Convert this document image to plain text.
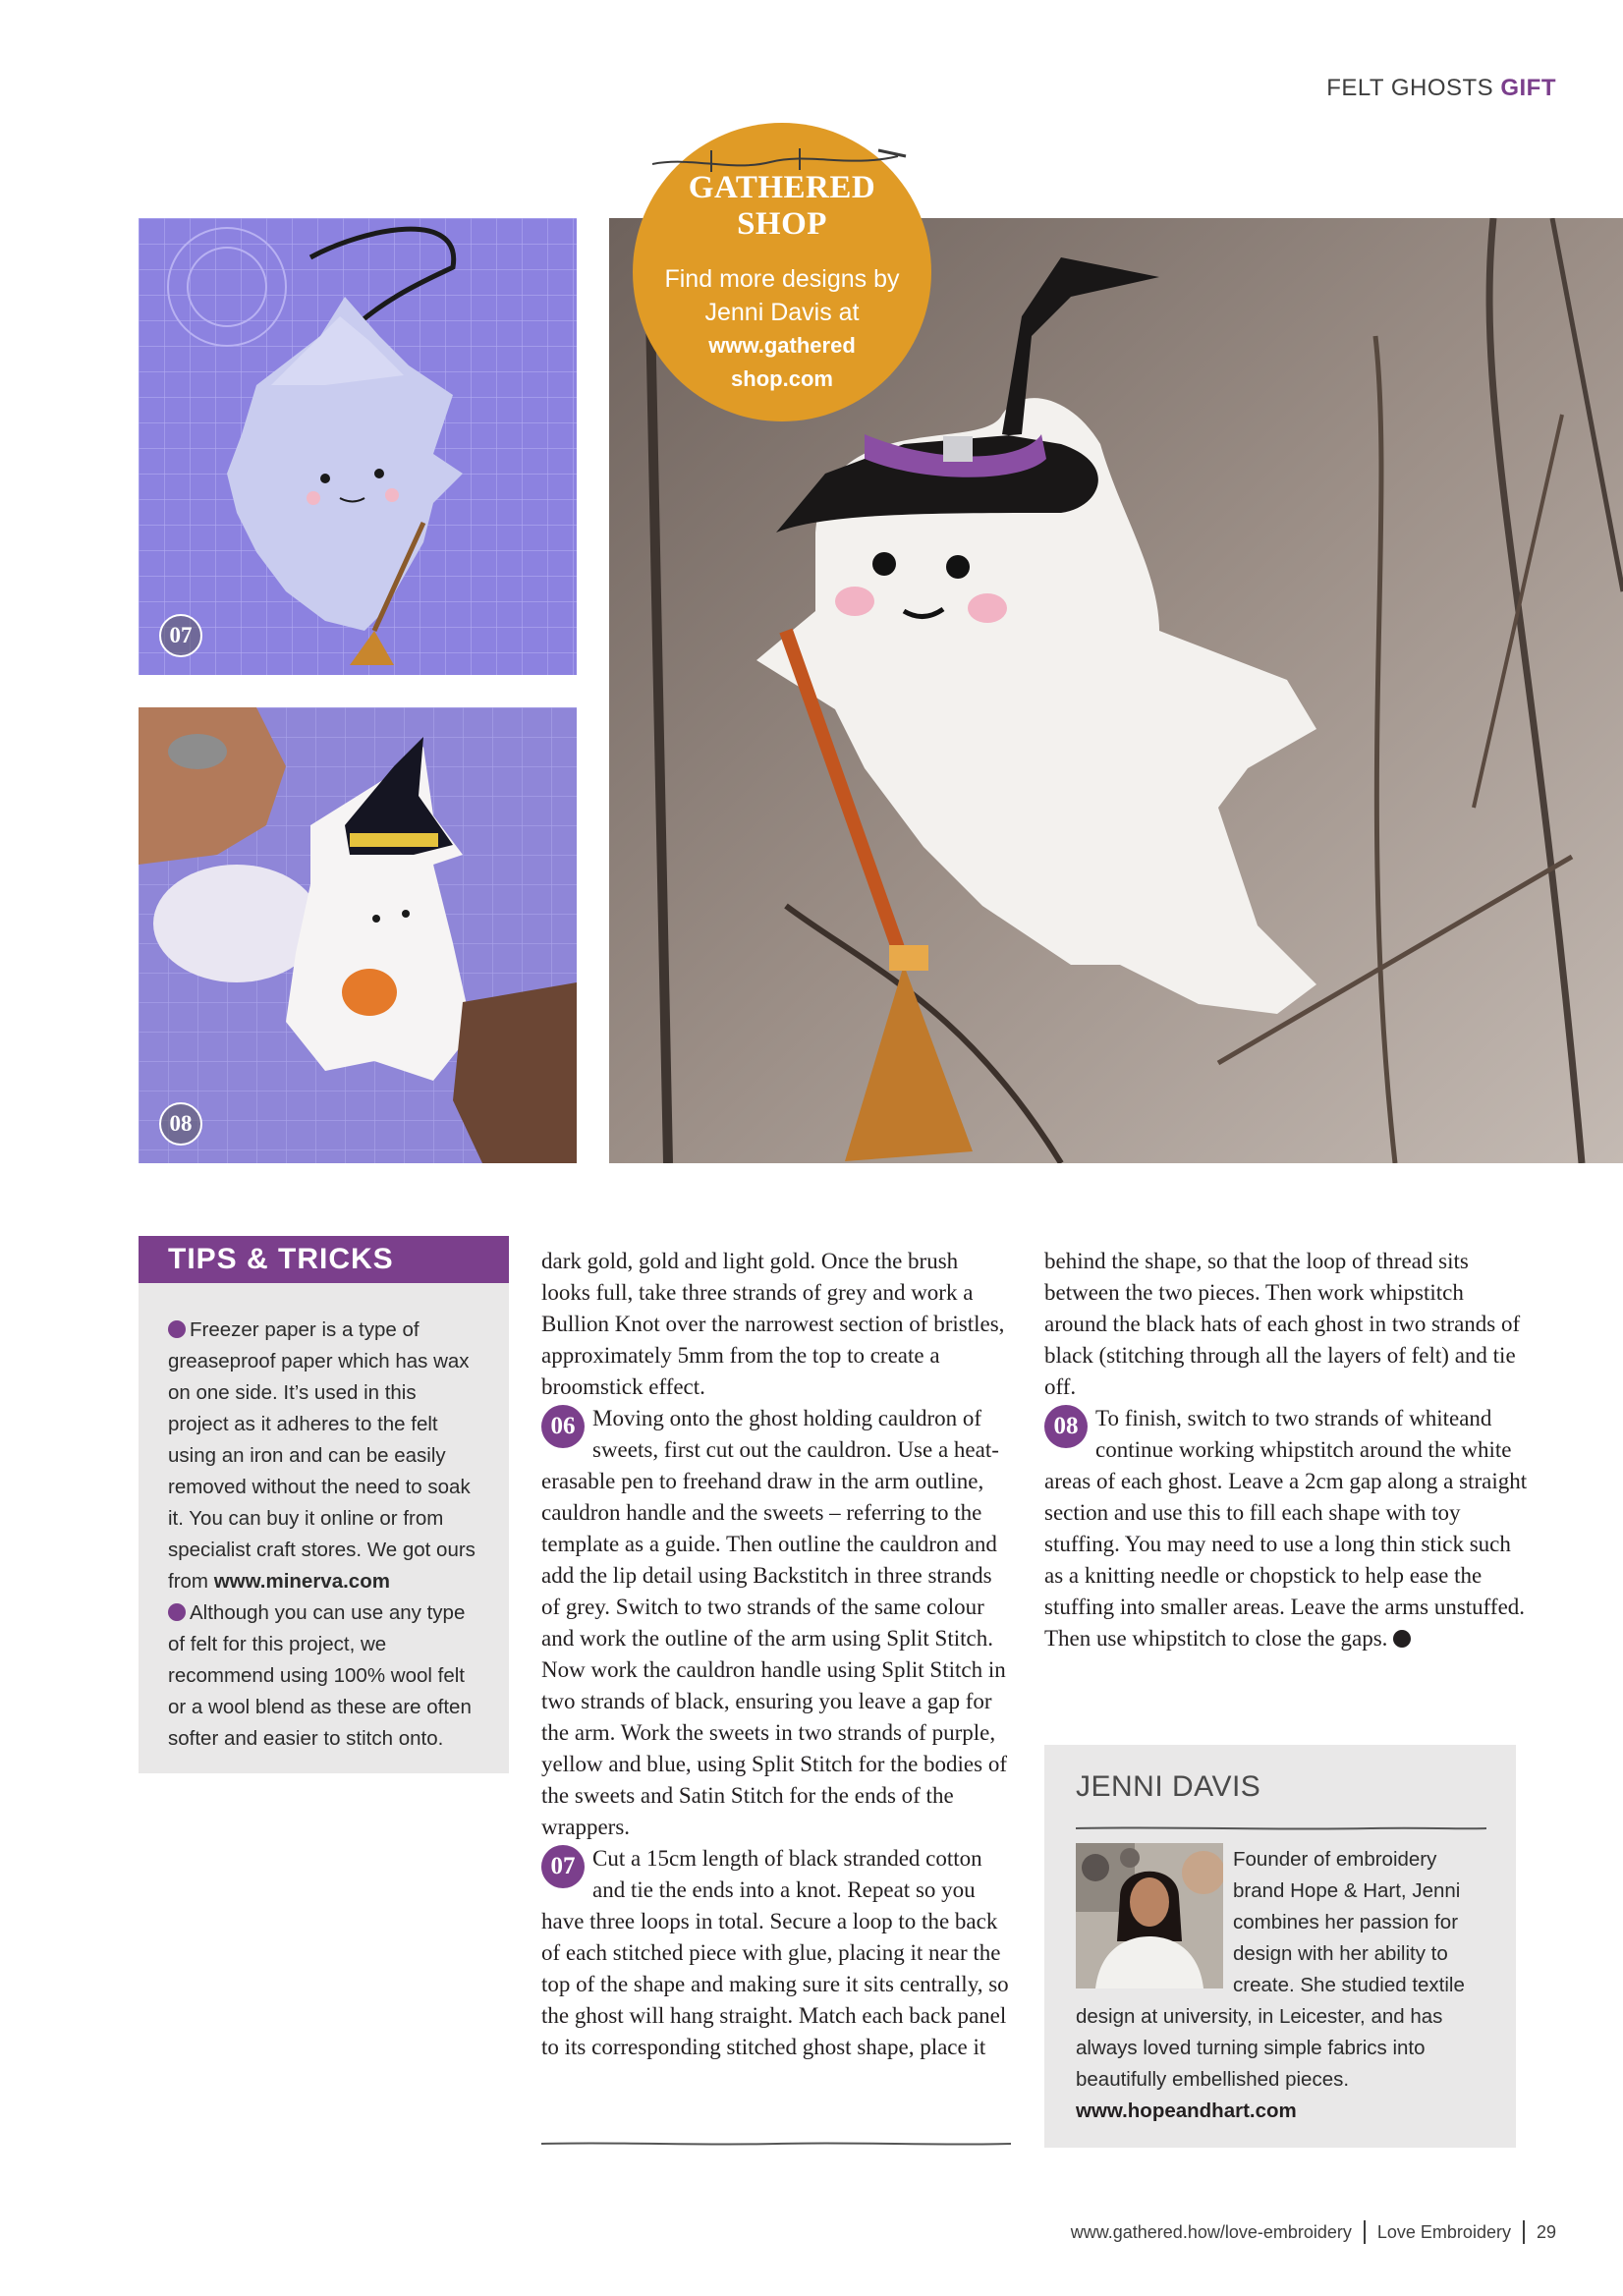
FELT GHOSTS GIFT
07
08
GATHERED
SHOP
Find more designs by
Jenni Davis at
www.gathered
shop.com
TIPS & TRICKS

Freezer paper is a type of greaseproof paper which has wax on one side. It’s used in this project as it adheres to the felt using an iron and can be easily removed without the need to soak it. You can buy it online or from specialist craft stores. We got ours from www.minerva.com

Although you can use any type of felt for this project, we recommend using 100% wool felt or a wool blend as these are often softer and easier to stitch onto.

dark gold, gold and light gold. Once the brush looks full, take three strands of grey and work a Bullion Knot over the narrowest section of bristles, approximately 5mm from the top to create a broomstick effect.

06 Moving onto the ghost holding cauldron of sweets, first cut out the cauldron. Use a heat-erasable pen to freehand draw in the arm outline, cauldron handle and the sweets – referring to the template as a guide. Then outline the cauldron and add the lip detail using Backstitch in three strands of grey. Switch to two strands of the same colour and work the outline of the arm using Split Stitch. Now work the cauldron handle using Split Stitch in two strands of black, ensuring you leave a gap for the arm. Work the sweets in two strands of purple, yellow and blue, using Split Stitch for the bodies of the sweets and Satin Stitch for the ends of the wrappers.

07 Cut a 15cm length of black stranded cotton and tie the ends into a knot. Repeat so you have three loops in total. Secure a loop to the back of each stitched piece with glue, placing it near the top of the shape and making sure it sits centrally, so the ghost will hang straight. Match each back panel to its corresponding stitched ghost shape, place it

behind the shape, so that the loop of thread sits between the two pieces. Then work whipstitch around the black hats of each ghost in two strands of black (stitching through all the layers of felt) and tie off.

08 To finish, switch to two strands of whiteand continue working whipstitch around the white areas of each ghost. Leave a 2cm gap along a straight section and use this to fill each shape with toy stuffing. You may need to use a long thin stick such as a knitting needle or chopstick to help ease the stuffing into smaller areas. Leave the arms unstuffed. Then use whipstitch to close the gaps.

JENNI DAVIS
Founder of embroidery brand Hope & Hart, Jenni combines her passion for design with her ability to create. She studied textile design at university, in Leicester, and has always loved turning simple fabrics into beautifully embellished pieces.
www.hopeandhart.com
www.gathered.how/love-embroidery Love Embroidery 29
